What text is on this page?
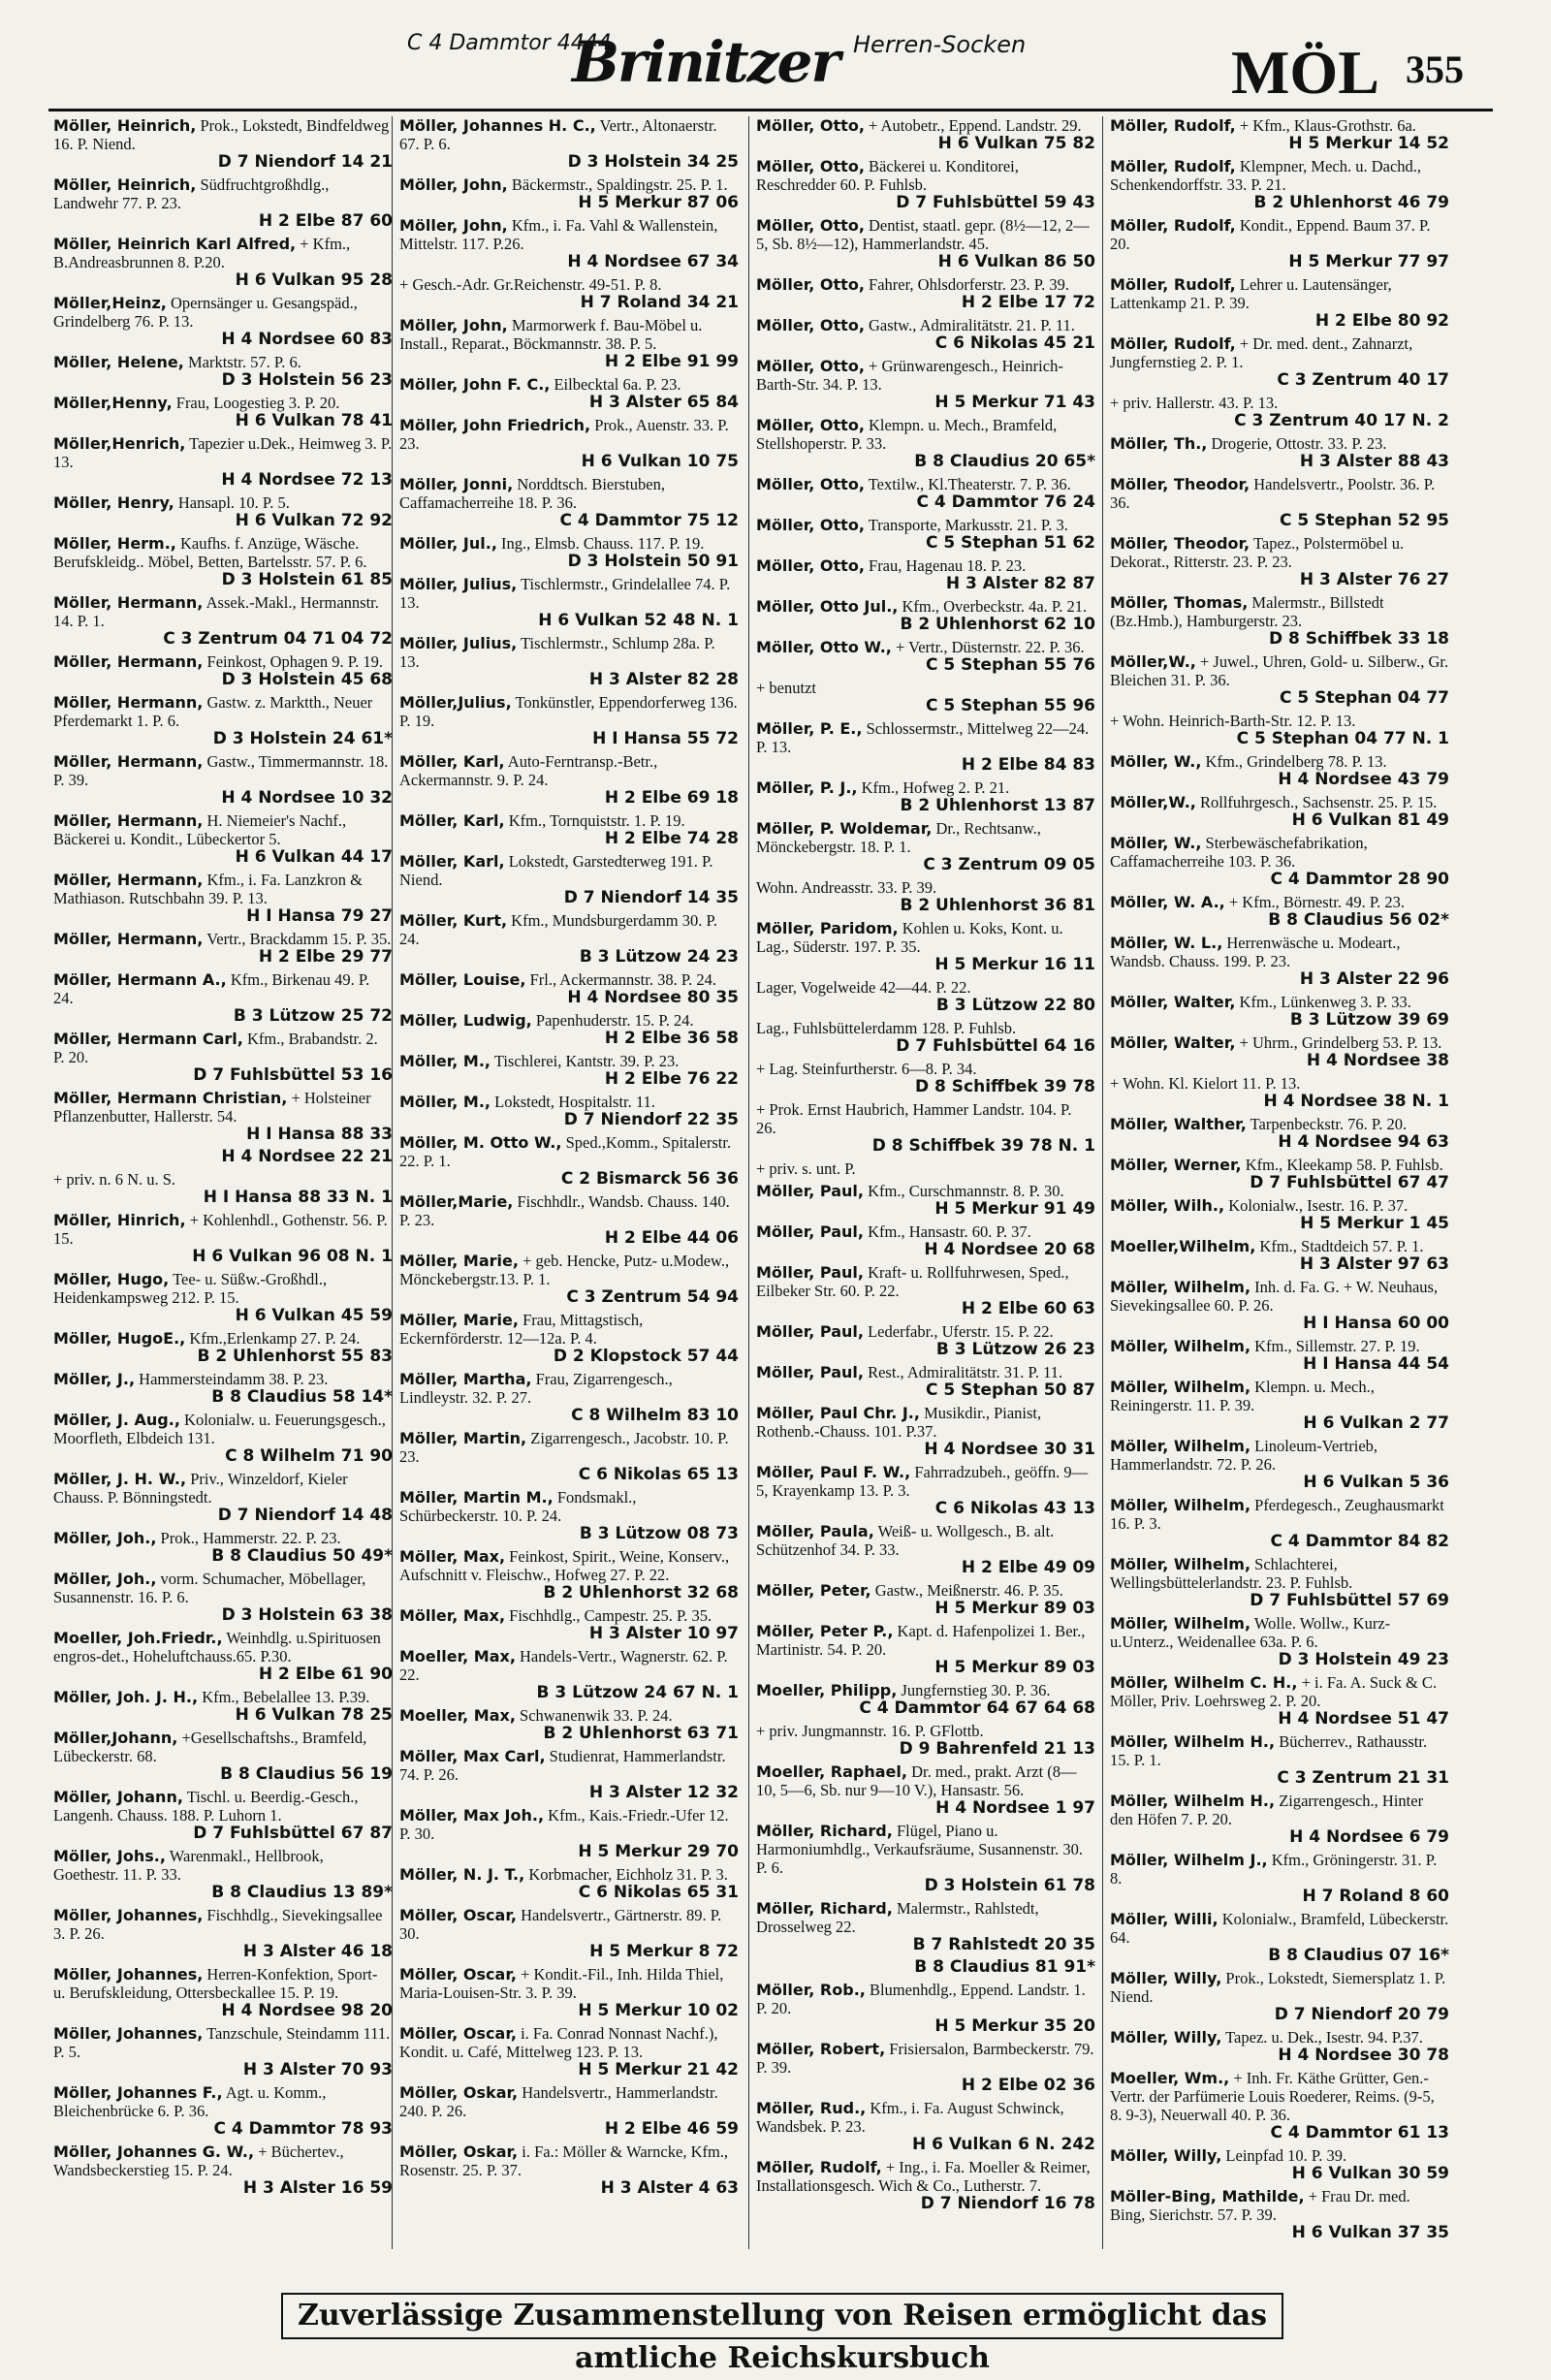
C 4 Dammtor 4444
Brinitzer Herren-Socken	MÖL 355
Möller, Heinrich, Prok., Lokstedt, Bindfeldweg 16. P. Niend.
D 7 Niendorf 14 21
Möller, Heinrich, Südfruchtgroßhdlg., Landwehr 77. P. 23.
H 2 Elbe 87 60
Möller, Heinrich Karl Alfred, + Kfm., B.Andreasbrunnen 8. P.20.
H 6 Vulkan 95 28
Möller,Heinz, Opernsänger u. Gesangspäd., Grindelberg 76. P. 13.
H 4 Nordsee 60 83
Möller, Helene, Marktstr. 57. P. 6.
D 3 Holstein 56 23
Möller,Henny, Frau, Loogestieg 3. P. 20.
H 6 Vulkan 78 41
Möller,Henrich, Tapezier u.Dek., Heimweg 3. P. 13.
H 4 Nordsee 72 13
Möller, Henry, Hansapl. 10. P. 5.
H 6 Vulkan 72 92
Möller, Herm., Kaufhs. f. Anzüge, Wäsche. Berufskleidg.. Möbel, Betten, Bartelsstr. 57. P. 6.
D 3 Holstein 61 85
Möller, Hermann, Assek.-Makl., Hermannstr. 14. P. 1.
C 3 Zentrum 04 71 04 72
Möller, Hermann, Feinkost, Ophagen 9. P. 19.
D 3 Holstein 45 68
Möller, Hermann, Gastw. z. Marktth., Neuer Pferdemarkt 1. P. 6.
D 3 Holstein 24 61*
Möller, Hermann, Gastw., Timmermannstr. 18. P. 39.
H 4 Nordsee 10 32
Möller, Hermann, H. Niemeier's Nachf., Bäckerei u. Kondit., Lübeckertor 5.
H 6 Vulkan 44 17
Möller, Hermann, Kfm., i. Fa. Lanzkron & Mathiason. Rutschbahn 39. P. 13.
H I Hansa 79 27
Möller, Hermann, Vertr., Brackdamm 15. P. 35.
H 2 Elbe 29 77
Möller, Hermann A., Kfm., Birkenau 49. P. 24.
B 3 Lützow 25 72
Möller, Hermann Carl, Kfm., Brabandstr. 2. P. 20.
D 7 Fuhlsbüttel 53 16
Möller, Hermann Christian, + Holsteiner Pflanzenbutter, Hallerstr. 54.
H I Hansa 88 33
H 4 Nordsee 22 21
+ priv. n. 6 N. u. S.
H I Hansa 88 33 N. 1
Möller, Hinrich, + Kohlenhdl., Gothenstr. 56. P. 15.
H 6 Vulkan 96 08 N. 1
Möller, Hugo, Tee- u. Süßw.-Großhdl., Heidenkampsweg 212. P. 15.
H 6 Vulkan 45 59
Möller, HugoE., Kfm.,Erlenkamp 27. P. 24.
B 2 Uhlenhorst 55 83
Möller, J., Hammersteindamm 38. P. 23.
B 8 Claudius 58 14*
Möller, J. Aug., Kolonialw. u. Feuerungsgesch., Moorfleth, Elbdeich 131.
C 8 Wilhelm 71 90
Möller, J. H. W., Priv., Winzeldorf, Kieler Chauss. P. Bönningstedt.
D 7 Niendorf 14 48
Möller, Joh., Prok., Hammerstr. 22. P. 23.
B 8 Claudius 50 49*
Möller, Joh., vorm. Schumacher, Möbellager, Susannenstr. 16. P. 6.
D 3 Holstein 63 38
Moeller, Joh.Friedr., Weinhdlg. u.Spirituosen engros-det., Hoheluftchauss.65. P.30.
H 2 Elbe 61 90
Möller, Joh. J. H., Kfm., Bebelallee 13. P.39.
H 6 Vulkan 78 25
Möller,Johann, +Gesellschaftshs., Bramfeld, Lübeckerstr. 68.
B 8 Claudius 56 19
Möller, Johann, Tischl. u. Beerdig.-Gesch., Langenh. Chauss. 188. P. Luhorn 1.
D 7 Fuhlsbüttel 67 87
Möller, Johs., Warenmakl., Hellbrook, Goethestr. 11. P. 33.
B 8 Claudius 13 89*
Möller, Johannes, Fischhdlg., Sievekingsallee 3. P. 26.
H 3 Alster 46 18
Möller, Johannes, Herren-Konfektion, Sport- u. Berufskleidung, Ottersbeckallee 15. P. 19.
H 4 Nordsee 98 20
Möller, Johannes, Tanzschule, Steindamm 111. P. 5.
H 3 Alster 70 93
Möller, Johannes F., Agt. u. Komm., Bleichenbrücke 6. P. 36.
C 4 Dammtor 78 93
Möller, Johannes G. W., + Büchertev., Wandsbeckerstieg 15. P. 24.
H 3 Alster 16 59
Möller, Johannes H. C., Vertr., Altonaerstr. 67. P. 6.
D 3 Holstein 34 25
Möller, John, Bäckermstr., Spaldingstr. 25. P. 1.
H 5 Merkur 87 06
Möller, John, Kfm., i. Fa. Vahl & Wallenstein, Mittelstr. 117. P.26.
H 4 Nordsee 67 34
+ Gesch.-Adr. Gr.Reichenstr. 49-51. P. 8.
H 7 Roland 34 21
Möller, John, Marmorwerk f. Bau-Möbel u. Install., Reparat., Böckmannstr. 38. P. 5.
H 2 Elbe 91 99
Möller, John F. C., Eilbecktal 6a. P. 23.
H 3 Alster 65 84
Möller, John Friedrich, Prok., Auenstr. 33. P. 23.
H 6 Vulkan 10 75
Möller, Jonni, Norddtsch. Bierstuben, Caffamacherreihe 18. P. 36.
C 4 Dammtor 75 12
Möller, Jul., Ing., Elmsb. Chauss. 117. P. 19.
D 3 Holstein 50 91
Möller, Julius, Tischlermstr., Grindelallee 74. P. 13.
H 6 Vulkan 52 48 N. 1
Möller, Julius, Tischlermstr., Schlump 28a. P. 13.
H 3 Alster 82 28
Möller,Julius, Tonkünstler, Eppendorferweg 136. P. 19.
H I Hansa 55 72
Möller, Karl, Auto-Ferntransp.-Betr., Ackermannstr. 9. P. 24.
H 2 Elbe 69 18
Möller, Karl, Kfm., Tornquiststr. 1. P. 19.
H 2 Elbe 74 28
Möller, Karl, Lokstedt, Garstedterweg 191. P. Niend.
D 7 Niendorf 14 35
Möller, Kurt, Kfm., Mundsburgerdamm 30. P. 24.
B 3 Lützow 24 23
Möller, Louise, Frl., Ackermannstr. 38. P. 24.
H 4 Nordsee 80 35
Möller, Ludwig, Papenhuderstr. 15. P. 24.
H 2 Elbe 36 58
Möller, M., Tischlerei, Kantstr. 39. P. 23.
H 2 Elbe 76 22
Möller, M., Lokstedt, Hospitalstr. 11.
D 7 Niendorf 22 35
Möller, M. Otto W., Sped.,Komm., Spitalerstr. 22. P. 1.
C 2 Bismarck 56 36
Möller,Marie, Fischhdlr., Wandsb. Chauss. 140. P. 23.
H 2 Elbe 44 06
Möller, Marie, + geb. Hencke, Putz- u.Modew., Mönckebergstr.13. P. 1.
C 3 Zentrum 54 94
Möller, Marie, Frau, Mittagstisch, Eckernförderstr. 12—12a. P. 4.
D 2 Klopstock 57 44
Möller, Martha, Frau, Zigarrengesch., Lindleystr. 32. P. 27.
C 8 Wilhelm 83 10
Möller, Martin, Zigarrengesch., Jacobstr. 10. P. 23.
C 6 Nikolas 65 13
Möller, Martin M., Fondsmakl., Schürbeckerstr. 10. P. 24.
B 3 Lützow 08 73
Möller, Max, Feinkost, Spirit., Weine, Konserv., Aufschnitt v. Fleischw., Hofweg 27. P. 22.
B 2 Uhlenhorst 32 68
Möller, Max, Fischhdlg., Campestr. 25. P. 35.
H 3 Alster 10 97
Moeller, Max, Handels-Vertr., Wagnerstr. 62. P. 22.
B 3 Lützow 24 67 N. 1
Moeller, Max, Schwanenwik 33. P. 24.
B 2 Uhlenhorst 63 71
Möller, Max Carl, Studienrat, Hammerlandstr. 74. P. 26.
H 3 Alster 12 32
Möller, Max Joh., Kfm., Kais.-Friedr.-Ufer 12. P. 30.
H 5 Merkur 29 70
Möller, N. J. T., Korbmacher, Eichholz 31. P. 3.
C 6 Nikolas 65 31
Möller, Oscar, Handelsvertr., Gärtnerstr. 89. P. 30.
H 5 Merkur 8 72
Möller, Oscar, + Kondit.-Fil., Inh. Hilda Thiel, Maria-Louisen-Str. 3. P. 39.
H 5 Merkur 10 02
Möller, Oscar, i. Fa. Conrad Nonnast Nachf.), Kondit. u. Café, Mittelweg 123. P. 13.
H 5 Merkur 21 42
Möller, Oskar, Handelsvertr., Hammerlandstr. 240. P. 26.
H 2 Elbe 46 59
Möller, Oskar, i. Fa.: Möller & Warncke, Kfm., Rosenstr. 25. P. 37.
H 3 Alster 4 63
Möller, Otto, + Autobetr., Eppend. Landstr. 29.
H 6 Vulkan 75 82
Möller, Otto, Bäckerei u. Konditorei, Reschredder 60. P. Fuhlsb.
D 7 Fuhlsbüttel 59 43
Möller, Otto, Dentist, staatl. gepr. (8½—12, 2—5, Sb. 8½—12), Hammerlandstr. 45.
H 6 Vulkan 86 50
Möller, Otto, Fahrer, Ohlsdorferstr. 23. P. 39.
H 2 Elbe 17 72
Möller, Otto, Gastw., Admiralitätstr. 21. P. 11.
C 6 Nikolas 45 21
Möller, Otto, + Grünwarengesch., Heinrich-Barth-Str. 34. P. 13.
H 5 Merkur 71 43
Möller, Otto, Klempn. u. Mech., Bramfeld, Stellshoperstr. P. 33.
B 8 Claudius 20 65*
Möller, Otto, Textilw., Kl.Theaterstr. 7. P. 36.
C 4 Dammtor 76 24
Möller, Otto, Transporte, Markusstr. 21. P. 3.
C 5 Stephan 51 62
Möller, Otto, Frau, Hagenau 18. P. 23.
H 3 Alster 82 87
Möller, Otto Jul., Kfm., Overbeckstr. 4a. P. 21.
B 2 Uhlenhorst 62 10
Möller, Otto W., + Vertr., Düsternstr. 22. P. 36.
C 5 Stephan 55 76
+ benutzt
C 5 Stephan 55 96
Möller, P. E., Schlossermstr., Mittelweg 22—24. P. 13.
H 2 Elbe 84 83
Möller, P. J., Kfm., Hofweg 2. P. 21.
B 2 Uhlenhorst 13 87
Möller, P. Woldemar, Dr., Rechtsanw., Mönckebergstr. 18. P. 1.
C 3 Zentrum 09 05
Wohn. Andreasstr. 33. P. 39.
B 2 Uhlenhorst 36 81
Möller, Paridom, Kohlen u. Koks, Kont. u. Lag., Süderstr. 197. P. 35.
H 5 Merkur 16 11
Lager, Vogelweide 42—44. P. 22.
B 3 Lützow 22 80
Lag., Fuhlsbüttelerdamm 128. P. Fuhlsb.
D 7 Fuhlsbüttel 64 16
+ Lag. Steinfurtherstr. 6—8. P. 34.
D 8 Schiffbek 39 78
+ Prok. Ernst Haubrich, Hammer Landstr. 104. P. 26.
D 8 Schiffbek 39 78 N. 1
+ priv. s. unt. P.
Möller, Paul, Kfm., Curschmannstr. 8. P. 30.
H 5 Merkur 91 49
Möller, Paul, Kfm., Hansastr. 60. P. 37.
H 4 Nordsee 20 68
Möller, Paul, Kraft- u. Rollfuhrwesen, Sped., Eilbeker Str. 60. P. 22.
H 2 Elbe 60 63
Möller, Paul, Lederfabr., Uferstr. 15. P. 22.
B 3 Lützow 26 23
Möller, Paul, Rest., Admiralitätstr. 31. P. 11.
C 5 Stephan 50 87
Möller, Paul Chr. J., Musikdir., Pianist, Rothenb.-Chauss. 101. P.37.
H 4 Nordsee 30 31
Möller, Paul F. W., Fahrradzubeh., geöffn. 9—5, Krayenkamp 13. P. 3.
C 6 Nikolas 43 13
Möller, Paula, Weiß- u. Wollgesch., B. alt. Schützenhof 34. P. 33.
H 2 Elbe 49 09
Möller, Peter, Gastw., Meißnerstr. 46. P. 35.
H 5 Merkur 89 03
Möller, Peter P., Kapt. d. Hafenpolizei 1. Ber., Martinistr. 54. P. 20.
H 5 Merkur 89 03
Moeller, Philipp, Jungfernstieg 30. P. 36.
C 4 Dammtor 64 67 64 68
+ priv. Jungmannstr. 16. P. GFlottb.
D 9 Bahrenfeld 21 13
Moeller, Raphael, Dr. med., prakt. Arzt (8—10, 5—6, Sb. nur 9—10 V.), Hansastr. 56.
H 4 Nordsee 1 97
Möller, Richard, Flügel, Piano u. Harmoniumhdlg., Verkaufsräume, Susannenstr. 30. P. 6.
D 3 Holstein 61 78
Möller, Richard, Malermstr., Rahlstedt, Drosselweg 22.
B 7 Rahlstedt 20 35
B 8 Claudius 81 91*
Möller, Rob., Blumenhdlg., Eppend. Landstr. 1. P. 20.
H 5 Merkur 35 20
Möller, Robert, Frisiersalon, Barmbeckerstr. 79. P. 39.
H 2 Elbe 02 36
Möller, Rud., Kfm., i. Fa. August Schwinck, Wandsbek. P. 23.
H 6 Vulkan 6 N. 242
Möller, Rudolf, + Ing., i. Fa. Moeller & Reimer, Installationsgesch. Wich & Co., Lutherstr. 7.
D 7 Niendorf 16 78
Möller, Rudolf, + Kfm., Klaus-Grothstr. 6a.
H 5 Merkur 14 52
Möller, Rudolf, Klempner, Mech. u. Dachd., Schenkendorffstr. 33. P. 21.
B 2 Uhlenhorst 46 79
Möller, Rudolf, Kondit., Eppend. Baum 37. P. 20.
H 5 Merkur 77 97
Möller, Rudolf, Lehrer u. Lautensänger, Lattenkamp 21. P. 39.
H 2 Elbe 80 92
Möller, Rudolf, + Dr. med. dent., Zahnarzt, Jungfernstieg 2. P. 1.
C 3 Zentrum 40 17
+ priv. Hallerstr. 43. P. 13.
C 3 Zentrum 40 17 N. 2
Möller, Th., Drogerie, Ottostr. 33. P. 23.
H 3 Alster 88 43
Möller, Theodor, Handelsvertr., Poolstr. 36. P. 36.
C 5 Stephan 52 95
Möller, Theodor, Tapez., Polstermöbel u. Dekorat., Ritterstr. 23. P. 23.
H 3 Alster 76 27
Möller, Thomas, Malermstr., Billstedt (Bz.Hmb.), Hamburgerstr. 23.
D 8 Schiffbek 33 18
Möller,W., + Juwel., Uhren, Gold- u. Silberw., Gr. Bleichen 31. P. 36.
C 5 Stephan 04 77
+ Wohn. Heinrich-Barth-Str. 12. P. 13.
C 5 Stephan 04 77 N. 1
Möller, W., Kfm., Grindelberg 78. P. 13.
H 4 Nordsee 43 79
Möller,W., Rollfuhrgesch., Sachsenstr. 25. P. 15.
H 6 Vulkan 81 49
Möller, W., Sterbewäschefabrikation, Caffamacherreihe 103. P. 36.
C 4 Dammtor 28 90
Möller, W. A., + Kfm., Börnestr. 49. P. 23.
B 8 Claudius 56 02*
Möller, W. L., Herrenwäsche u. Modeart., Wandsb. Chauss. 199. P. 23.
H 3 Alster 22 96
Möller, Walter, Kfm., Lünkenweg 3. P. 33.
B 3 Lützow 39 69
Möller, Walter, + Uhrm., Grindelberg 53. P. 13.
H 4 Nordsee 38
+ Wohn. Kl. Kielort 11. P. 13.
H 4 Nordsee 38 N. 1
Möller, Walther, Tarpenbeckstr. 76. P. 20.
H 4 Nordsee 94 63
Möller, Werner, Kfm., Kleekamp 58. P. Fuhlsb.
D 7 Fuhlsbüttel 67 47
Möller, Wilh., Kolonialw., Isestr. 16. P. 37.
H 5 Merkur 1 45
Moeller,Wilhelm, Kfm., Stadtdeich 57. P. 1.
H 3 Alster 97 63
Möller, Wilhelm, Inh. d. Fa. G. + W. Neuhaus, Sievekingsallee 60. P. 26.
H I Hansa 60 00
Möller, Wilhelm, Kfm., Sillemstr. 27. P. 19.
H I Hansa 44 54
Möller, Wilhelm, Klempn. u. Mech., Reiningerstr. 11. P. 39.
H 6 Vulkan 2 77
Möller, Wilhelm, Linoleum-Vertrieb, Hammerlandstr. 72. P. 26.
H 6 Vulkan 5 36
Möller, Wilhelm, Pferdegesch., Zeughausmarkt 16. P. 3.
C 4 Dammtor 84 82
Möller, Wilhelm, Schlachterei, Wellingsbüttelerlandstr. 23. P. Fuhlsb.
D 7 Fuhlsbüttel 57 69
Möller, Wilhelm, Wolle. Wollw., Kurz-u.Unterz., Weidenallee 63a. P. 6.
D 3 Holstein 49 23
Möller, Wilhelm C. H., + i. Fa. A. Suck & C. Möller, Priv. Loehrsweg 2. P. 20.
H 4 Nordsee 51 47
Möller, Wilhelm H., Bücherrev., Rathausstr. 15. P. 1.
C 3 Zentrum 21 31
Möller, Wilhelm H., Zigarrengesch., Hinter den Höfen 7. P. 20.
H 4 Nordsee 6 79
Möller, Wilhelm J., Kfm., Gröningerstr. 31. P. 8.
H 7 Roland 8 60
Möller, Willi, Kolonialw., Bramfeld, Lübeckerstr. 64.
B 8 Claudius 07 16*
Möller, Willy, Prok., Lokstedt, Siemersplatz 1. P. Niend.
D 7 Niendorf 20 79
Möller, Willy, Tapez. u. Dek., Isestr. 94. P.37.
H 4 Nordsee 30 78
Moeller, Wm., + Inh. Fr. Käthe Grütter, Gen.-Vertr. der Parfümerie Louis Roederer, Reims. (9-5, 8. 9-3), Neuerwall 40. P. 36.
C 4 Dammtor 61 13
Möller, Willy, Leinpfad 10. P. 39.
H 6 Vulkan 30 59
Möller-Bing, Mathilde, + Frau Dr. med. Bing, Sierichstr. 57. P. 39.
H 6 Vulkan 37 35
Zuverlässige Zusammenstellung von Reisen ermöglicht das amtliche Reichskursbuch
